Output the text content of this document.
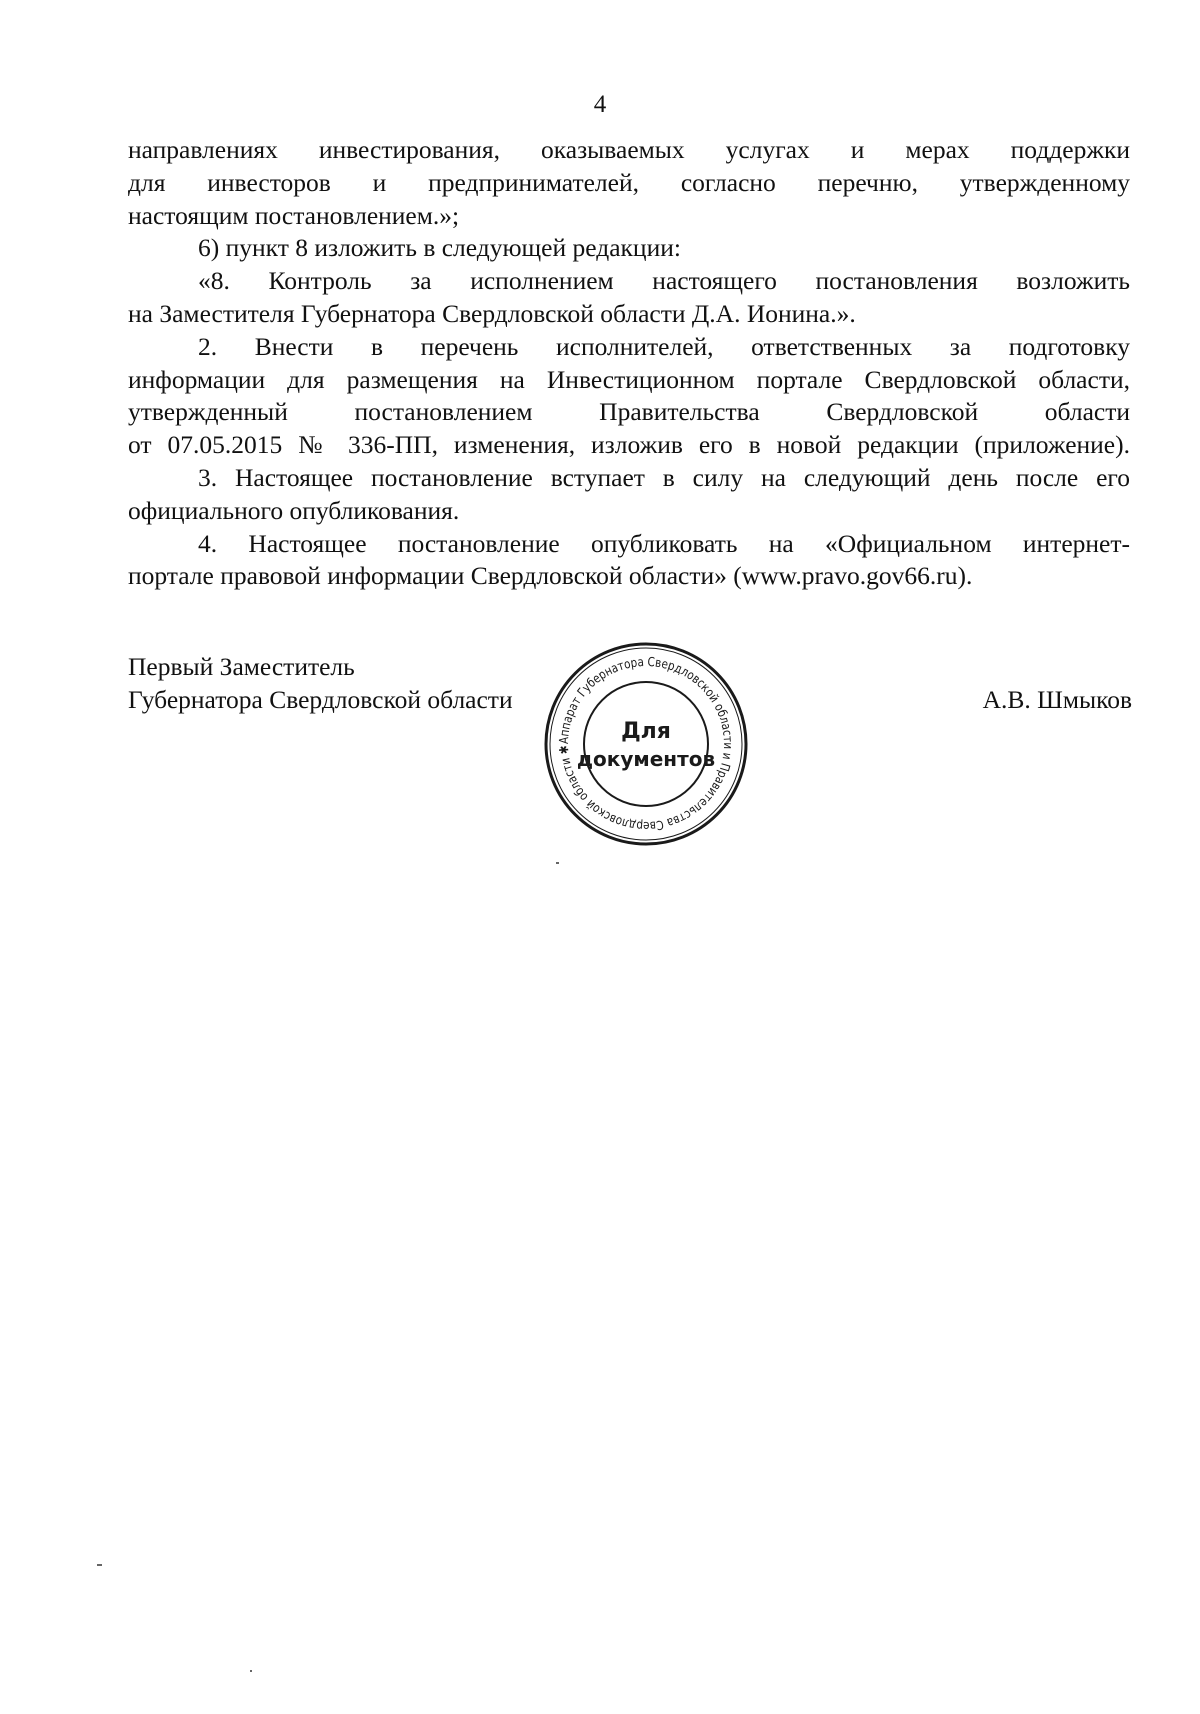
4
направлениях инвестирования, оказываемых услугах и мерах поддержки
для инвесторов и предпринимателей, согласно перечню, утвержденному
настоящим постановлением.»;
6) пункт 8 изложить в следующей редакции:
«8. Контроль за исполнением настоящего постановления возложить
на Заместителя Губернатора Свердловской области Д.А. Ионина.».
2. Внести в перечень исполнителей, ответственных за подготовку
информации для размещения на Инвестиционном портале Свердловской области,
утвержденный постановлением Правительства Свердловской области
от 07.05.2015 № 336-ПП, изменения, изложив его в новой редакции (приложение).
3. Настоящее постановление вступает в силу на следующий день после его
официального опубликования.
4. Настоящее постановление опубликовать на «Официальном интернет-
портале правовой информации Свердловской области» (www.pravo.gov66.ru).
Первый Заместитель
Губернатора Свердловской области
Аппарат Губернатора Свердловской области и Правительства Свердловской области ✱
Для
документов
А.В. Шмыков
